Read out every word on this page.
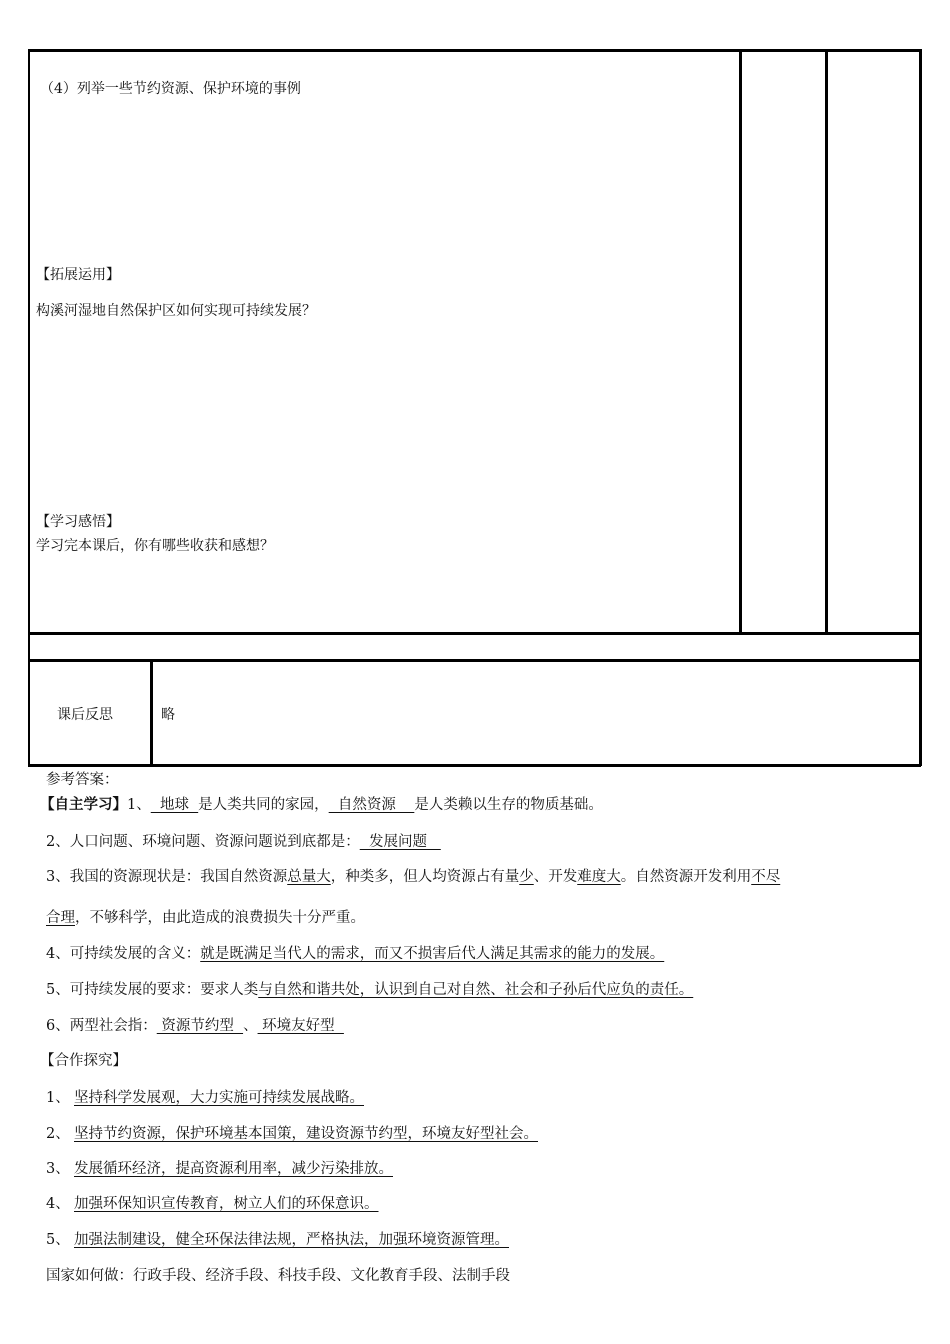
（4）列举一些节约资源、保护环境的事例
【拓展运用】
构溪河湿地自然保护区如何实现可持续发展？
【学习感悟】
学习完本课后，你有哪些收获和感想？
课后反思	略
参考答案：
【自主学习】1、  地球  是人类共同的家园，  自然资源    是人类赖以生存的物质基础。
2、人口问题、环境问题、资源问题说到底都是：  发展问题
3、我国的资源现状是：我国自然资源总量大，种类多，但人均资源占有量少、开发难度大。自然资源开发利用不尽
合理，不够科学，由此造成的浪费损失十分严重。
4、可持续发展的含义：就是既满足当代人的需求，而又不损害后代人满足其需求的能力的发展。
5、可持续发展的要求：要求人类与自然和谐共处，认识到自己对自然、社会和子孙后代应负的责任。
6、两型社会指： 资源节约型  、 环境友好型
【合作探究】
1、 坚持科学发展观，大力实施可持续发展战略。
2、 坚持节约资源，保护环境基本国策，建设资源节约型，环境友好型社会。
3、 发展循环经济，提高资源利用率，减少污染排放。
4、 加强环保知识宣传教育，树立人们的环保意识。
5、 加强法制建设，健全环保法律法规，严格执法，加强环境资源管理。
国家如何做：行政手段、经济手段、科技手段、文化教育手段、法制手段
